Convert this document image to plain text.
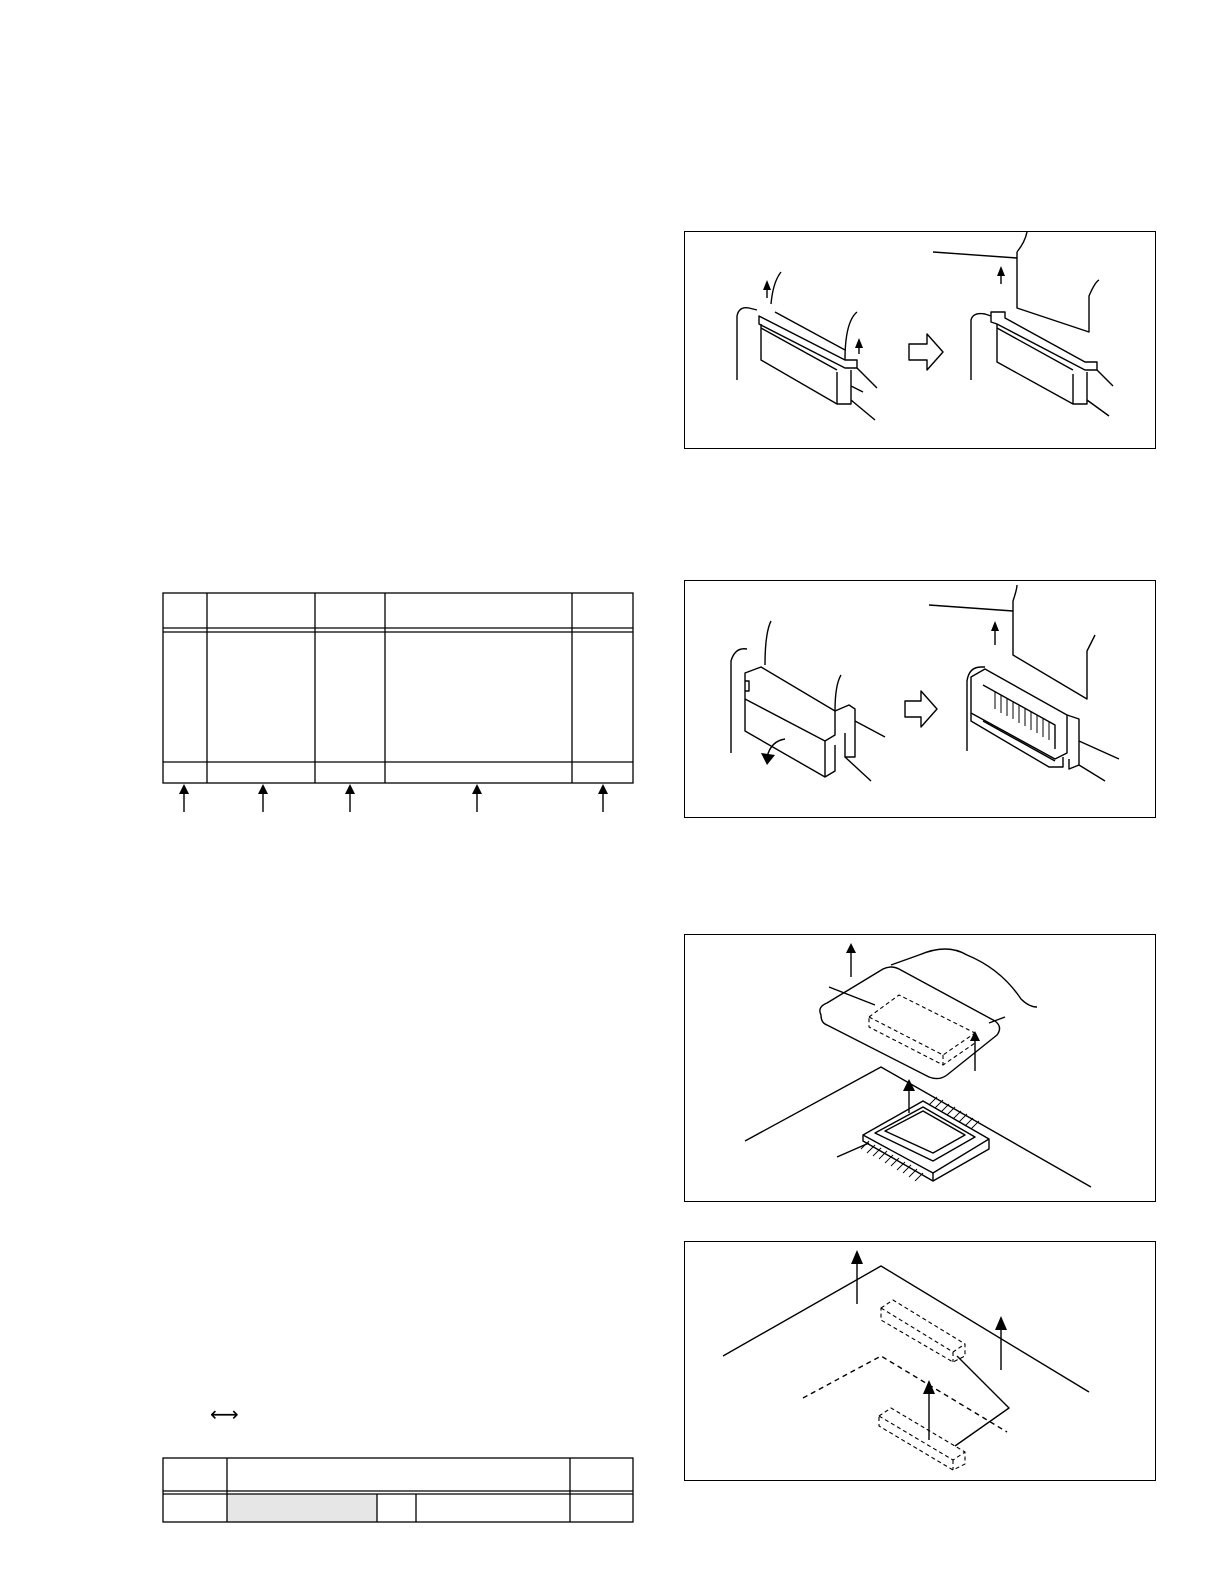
⟷
